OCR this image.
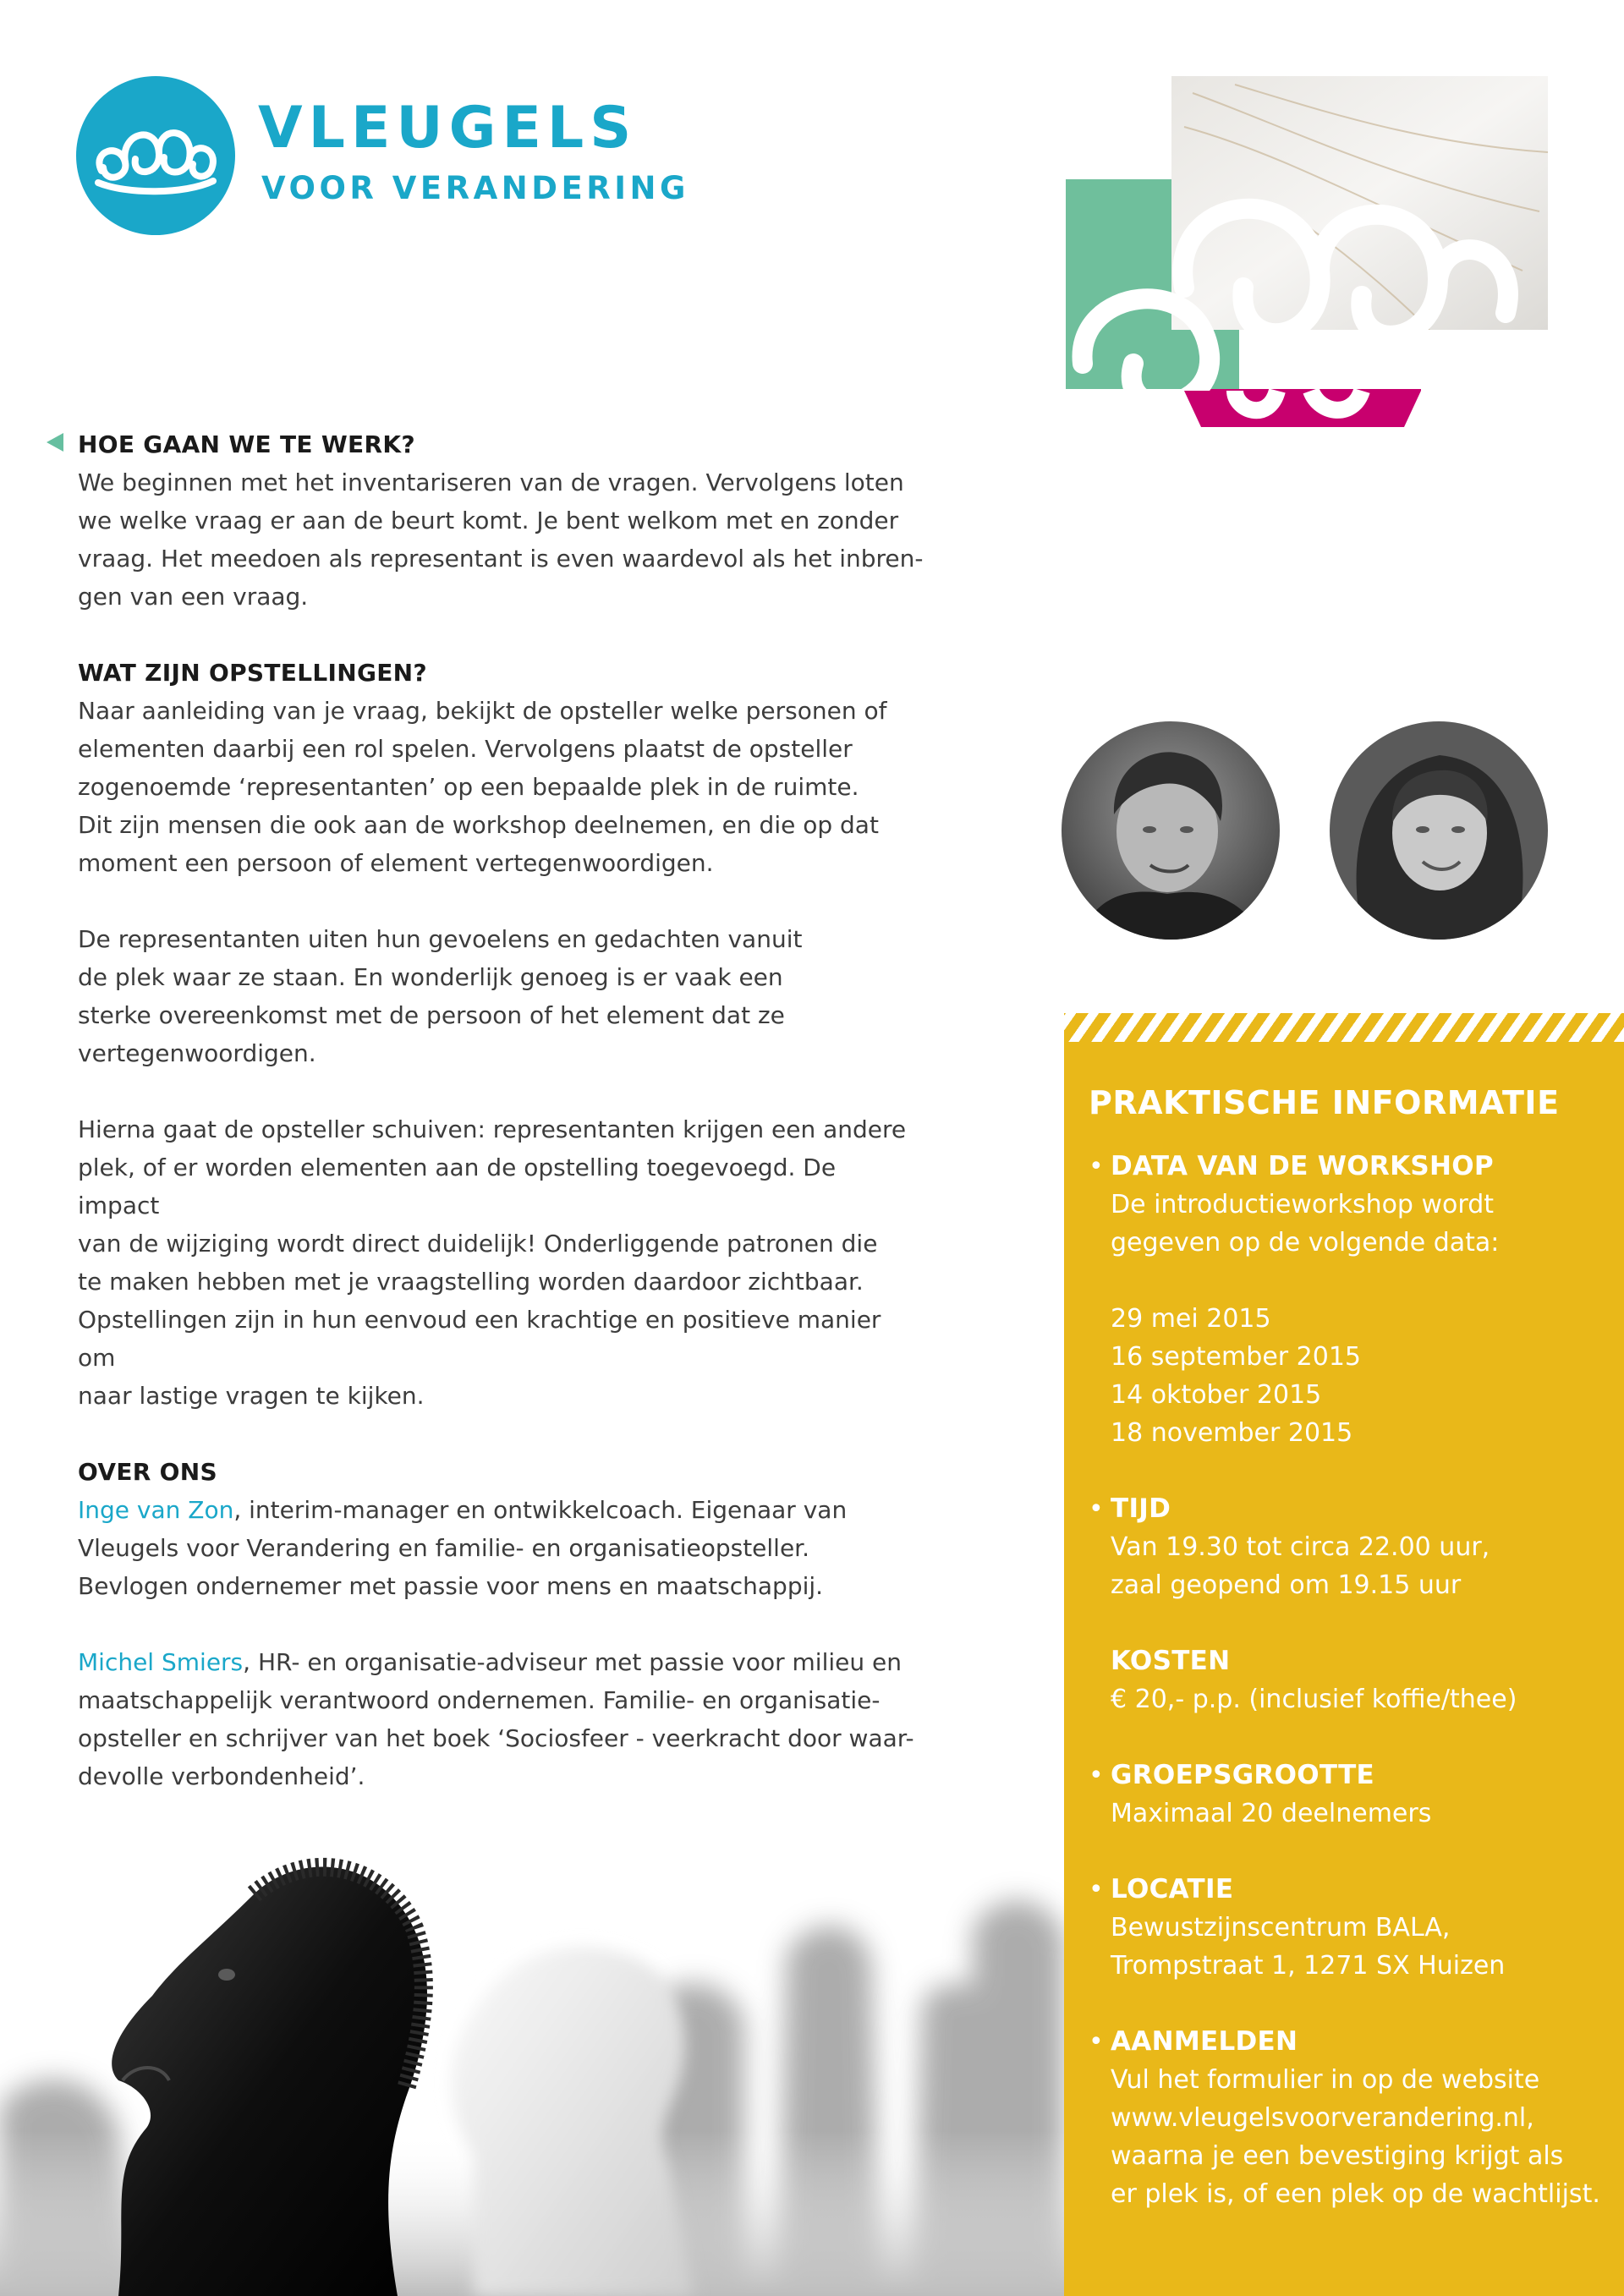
VLEUGELS
VOOR VERANDERING
HOE GAAN WE TE WERK?
We beginnen met het inventariseren van de vragen. Vervolgens loten
we welke vraag er aan de beurt komt. Je bent welkom met en zonder
vraag. Het meedoen als representant is even waardevol als het inbren-
gen van een vraag.
WAT ZIJN OPSTELLINGEN?
Naar aanleiding van je vraag, bekijkt de opsteller welke personen of
elementen daarbij een rol spelen. Vervolgens plaatst de opsteller
zogenoemde ‘representanten’ op een bepaalde plek in de ruimte.
Dit zijn mensen die ook aan de workshop deelnemen, en die op dat
moment een persoon of element vertegenwoordigen.
De representanten uiten hun gevoelens en gedachten vanuit
de plek waar ze staan. En wonderlijk genoeg is er vaak een
sterke overeenkomst met de persoon of het element dat ze
vertegenwoordigen.
Hierna gaat de opsteller schuiven: representanten krijgen een andere
plek, of er worden elementen aan de opstelling toegevoegd. De impact
van de wijziging wordt direct duidelijk! Onderliggende patronen die
te maken hebben met je vraagstelling worden daardoor zichtbaar.
Opstellingen zijn in hun eenvoud een krachtige en positieve manier om
naar lastige vragen te kijken.
OVER ONS
Inge van Zon, interim-manager en ontwikkelcoach. Eigenaar van
Vleugels voor Verandering en familie- en organisatieopsteller.
Bevlogen ondernemer met passie voor mens en maatschappij.
Michel Smiers, HR- en organisatie-adviseur met passie voor milieu en
maatschappelijk verantwoord ondernemen. Familie- en organisatie-
opsteller en schrijver van het boek ‘Sociosfeer - veerkracht door waar-
devolle verbondenheid’.
PRAKTISCHE INFORMATIE
• DATA VAN DE WORKSHOP
De introductieworkshop wordt
gegeven op de volgende data:
29 mei 2015
16 september 2015
14 oktober 2015
18 november 2015
• TIJD
Van 19.30 tot circa 22.00 uur,
zaal geopend om 19.15 uur
KOSTEN
€ 20,- p.p. (inclusief koffie/thee)
• GROEPSGROOTTE
Maximaal 20 deelnemers
• LOCATIE
Bewustzijnscentrum BALA,
Trompstraat 1, 1271 SX Huizen
• AANMELDEN
Vul het formulier in op de website
www.vleugelsvoorverandering.nl,
waarna je een bevestiging krijgt als
er plek is, of een plek op de wachtlijst.
